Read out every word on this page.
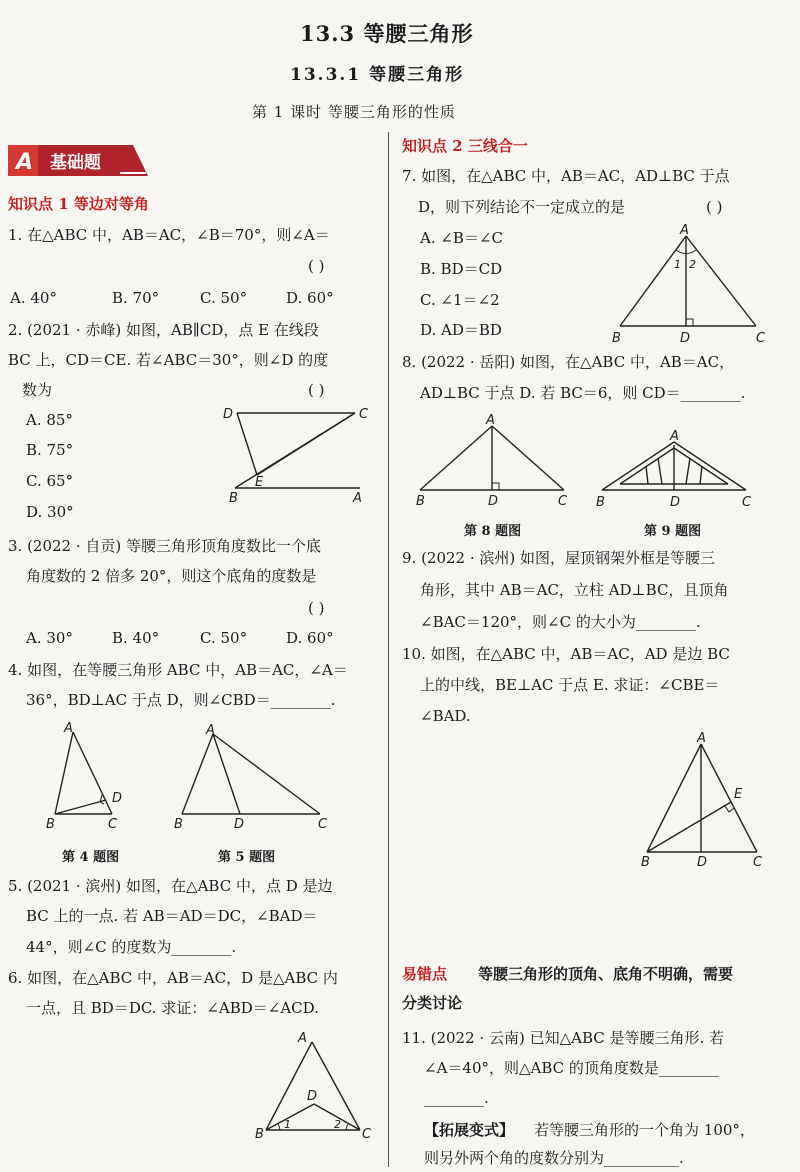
13.3 等腰三角形
13.3.1 等腰三角形
第 1 课时 等腰三角形的性质
A 基础题
知识点 1 等边对等角
1. 在△ABC 中，AB＝AC，∠B＝70°，则∠A＝
( )
A. 40°	B. 70°	C. 50°	D. 60°
2. (2021 · 赤峰) 如图，AB∥CD，点 E 在线段
BC 上，CD＝CE. 若∠ABC＝30°，则∠D 的度
数为	( )
A. 85°
B. 75°
C. 65°
D. 30°
D	C
E
B	A
3. (2022 · 自贡) 等腰三角形顶角度数比一个底
角度数的 2 倍多 20°，则这个底角的度数是
( )
A. 30°	B. 40°	C. 50°	D. 60°
4. 如图，在等腰三角形 ABC 中，AB＝AC，∠A＝
36°，BD⊥AC 于点 D，则∠CBD＝________.
A
D
B	C
A
B	D	C
第 4 题图	第 5 题图
5. (2021 · 滨州) 如图，在△ABC 中，点 D 是边
BC 上的一点. 若 AB＝AD＝DC，∠BAD＝
44°，则∠C 的度数为________.
6. 如图，在△ABC 中，AB＝AC，D 是△ABC 内
一点，且 BD＝DC. 求证：∠ABD＝∠ACD.
A
D
B	C
1	2
知识点 2 三线合一
7. 如图，在△ABC 中，AB＝AC，AD⊥BC 于点
D，则下列结论不一定成立的是	( )
A. ∠B＝∠C
B. BD＝CD
C. ∠1＝∠2
D. AD＝BD
A
1 2
B	D	C
8. (2022 · 岳阳) 如图，在△ABC 中，AB＝AC，
AD⊥BC 于点 D. 若 BC＝6，则 CD＝________.
A
B	D	C
A
B	D	C
第 8 题图	第 9 题图
9. (2022 · 滨州) 如图，屋顶钢架外框是等腰三
角形，其中 AB＝AC，立柱 AD⊥BC，且顶角
∠BAC＝120°，则∠C 的大小为________.
10. 如图，在△ABC 中，AB＝AC，AD 是边 BC
上的中线，BE⊥AC 于点 E. 求证：∠CBE＝
∠BAD.
A
E
B	D	C
易错点 等腰三角形的顶角、底角不明确，需要
分类讨论
11. (2022 · 云南) 已知△ABC 是等腰三角形. 若
∠A＝40°，则△ABC 的顶角度数是________
________.
【拓展变式】 若等腰三角形的一个角为 100°，
则另外两个角的度数分别为__________.
